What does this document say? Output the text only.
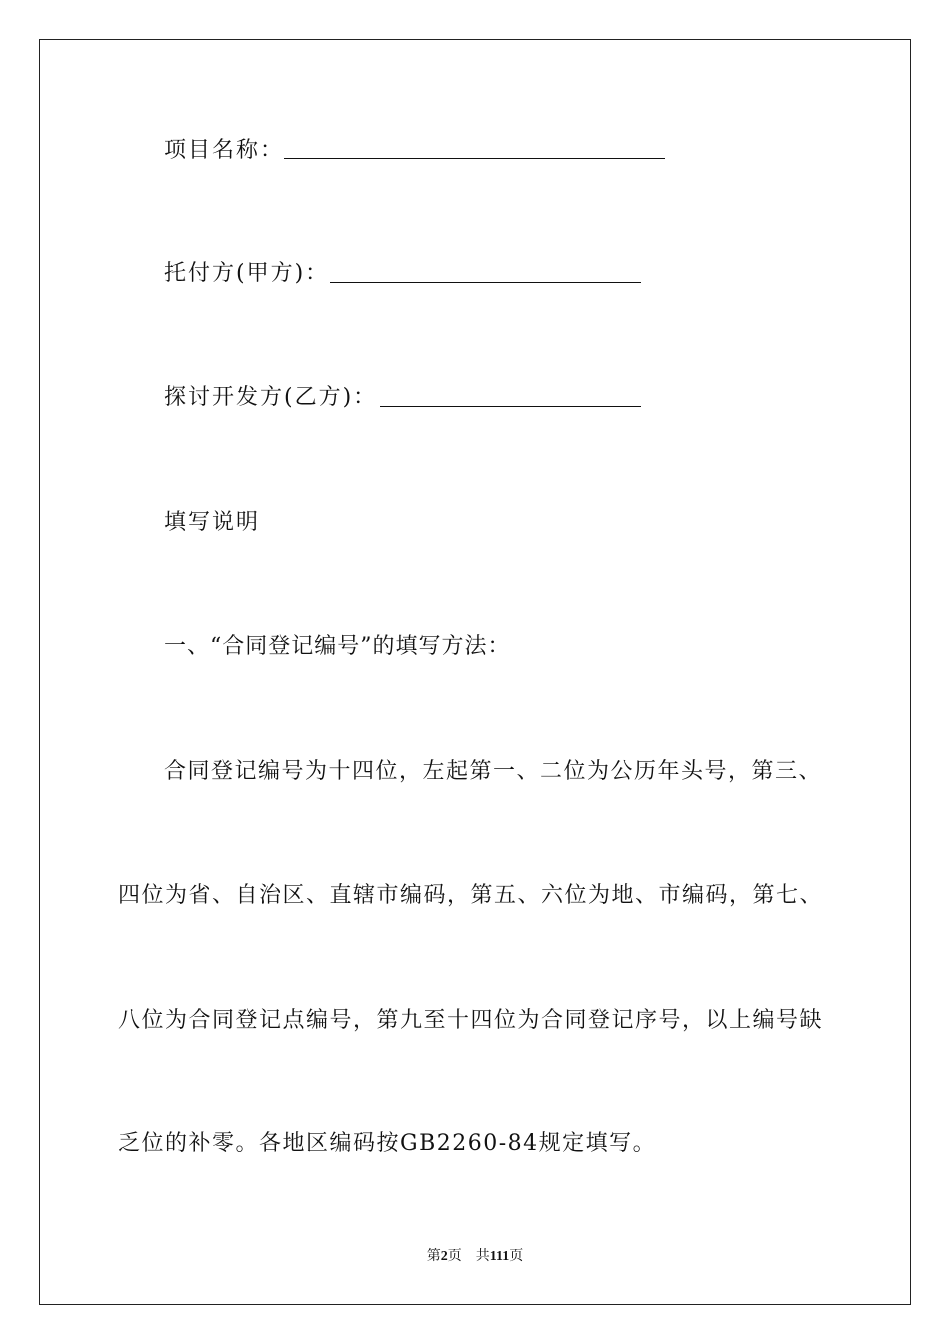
项目名称：
托付方(甲方)：
探讨开发方(乙方)：
填写说明
一、“合同登记编号”的填写方法：
合同登记编号为十四位，左起第一、二位为公历年头号，第三、
四位为省、自治区、直辖市编码，第五、六位为地、市编码，第七、
八位为合同登记点编号，第九至十四位为合同登记序号，以上编号缺
乏位的补零。各地区编码按GB2260-84规定填写。
第2页 共111页
